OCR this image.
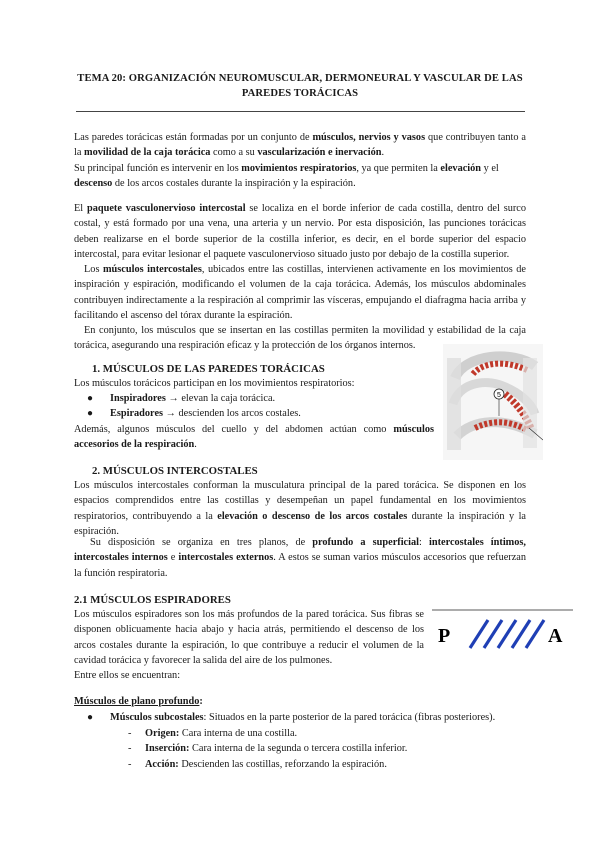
TEMA 20: ORGANIZACIÓN NEUROMUSCULAR, DERMONEURAL Y VASCULAR DE LAS
PAREDES TORÁCICAS
Las paredes torácicas están formadas por un conjunto de músculos, nervios y vasos que contribuyen tanto a la movilidad de la caja torácica como a su vascularización e inervación.
Su principal función es intervenir en los movimientos respiratorios, ya que permiten la elevación y el descenso de los arcos costales durante la inspiración y la espiración.
El paquete vasculonervioso intercostal se localiza en el borde inferior de cada costilla, dentro del surco costal, y está formado por una vena, una arteria y un nervio. Por esta disposición, las punciones torácicas deben realizarse en el borde superior de la costilla inferior, es decir, en el borde superior del espacio intercostal, para evitar lesionar el paquete vasculonervioso situado justo por debajo de la costilla superior.
Los músculos intercostales, ubicados entre las costillas, intervienen activamente en los movimientos de inspiración y espiración, modificando el volumen de la caja torácica. Además, los músculos abdominales contribuyen indirectamente a la respiración al comprimir las vísceras, empujando el diafragma hacia arriba y facilitando el ascenso del tórax durante la espiración.
En conjunto, los músculos que se insertan en las costillas permiten la movilidad y estabilidad de la caja torácica, asegurando una respiración eficaz y la protección de los órganos internos.
1. MÚSCULOS DE LAS PAREDES TORÁCICAS
Los músculos torácicos participan en los movimientos respiratorios:
● Inspiradores → elevan la caja torácica.
● Espiradores → descienden los arcos costales.
Además, algunos músculos del cuello y del abdomen actúan como músculos accesorios de la respiración.
5
2. MÚSCULOS INTERCOSTALES
Los músculos intercostales conforman la musculatura principal de la pared torácica. Se disponen en los espacios comprendidos entre las costillas y desempeñan un papel fundamental en los movimientos respiratorios, contribuyendo a la elevación o descenso de los arcos costales durante la inspiración y la espiración.
Su disposición se organiza en tres planos, de profundo a superficial: intercostales íntimos, intercostales internos e intercostales externos. A estos se suman varios músculos accesorios que refuerzan la función respiratoria.
2.1 MÚSCULOS ESPIRADORES
Los músculos espiradores son los más profundos de la pared torácica. Sus fibras se disponen oblicuamente hacia abajo y hacia atrás, permitiendo el descenso de los arcos costales durante la espiración, lo que contribuye a reducir el volumen de la cavidad torácica y favorecer la salida del aire de los pulmones.
Entre ellos se encuentran:
P	A
Músculos de plano profundo:
● Músculos subcostales: Situados en la parte posterior de la pared torácica (fibras posteriores).
- Origen: Cara interna de una costilla.
- Inserción: Cara interna de la segunda o tercera costilla inferior.
- Acción: Descienden las costillas, reforzando la espiración.
